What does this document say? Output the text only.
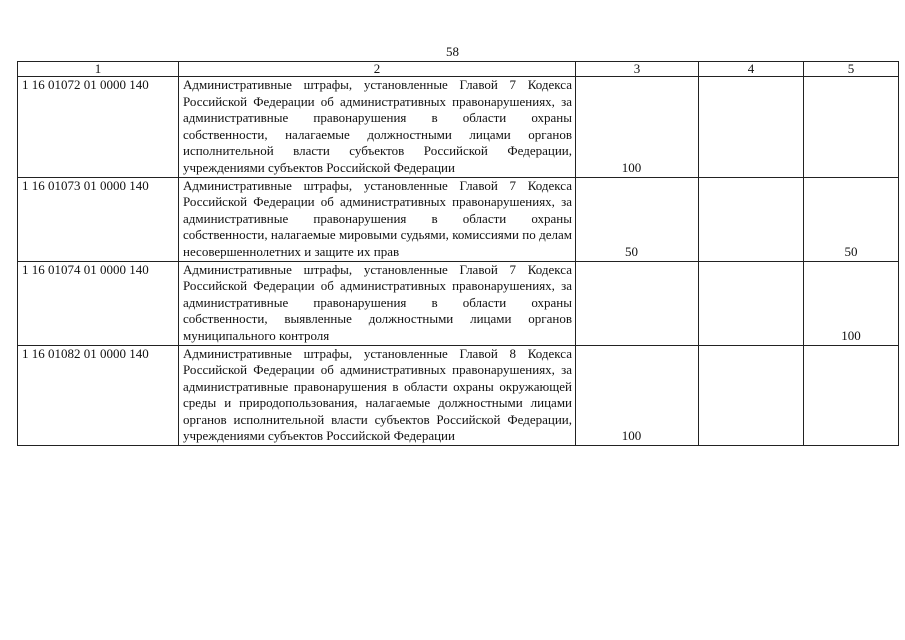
58
1	2	3	4	5
1 16 01072 01 0000 140	Административные штрафы, установленные Главой 7 Кодекса Российской Федерации об административных правонарушениях, за административные правонарушения в области охраны собственности, налагаемые должностными лицами органов исполнительной власти субъектов Российской Федерации, учреждениями субъектов Российской Федерации	100		
1 16 01073 01 0000 140	Административные штрафы, установленные Главой 7 Кодекса Российской Федерации об административных правонарушениях, за административные правонарушения в области охраны собственности, налагаемые мировыми судьями, комиссиями по делам несовершеннолетних и защите их прав	50		50
1 16 01074 01 0000 140	Административные штрафы, установленные Главой 7 Кодекса Российской Федерации об административных правонарушениях, за административные правонарушения в области охраны собственности, выявленные должностными лицами органов муниципального контроля			100
1 16 01082 01 0000 140	Административные штрафы, установленные Главой 8 Кодекса Российской Федерации об административных правонарушениях, за административные правонарушения в области охраны окружающей среды и природопользования, налагаемые должностными лицами органов исполнительной власти субъектов Российской Федерации, учреждениями субъектов Российской Федерации	100		
